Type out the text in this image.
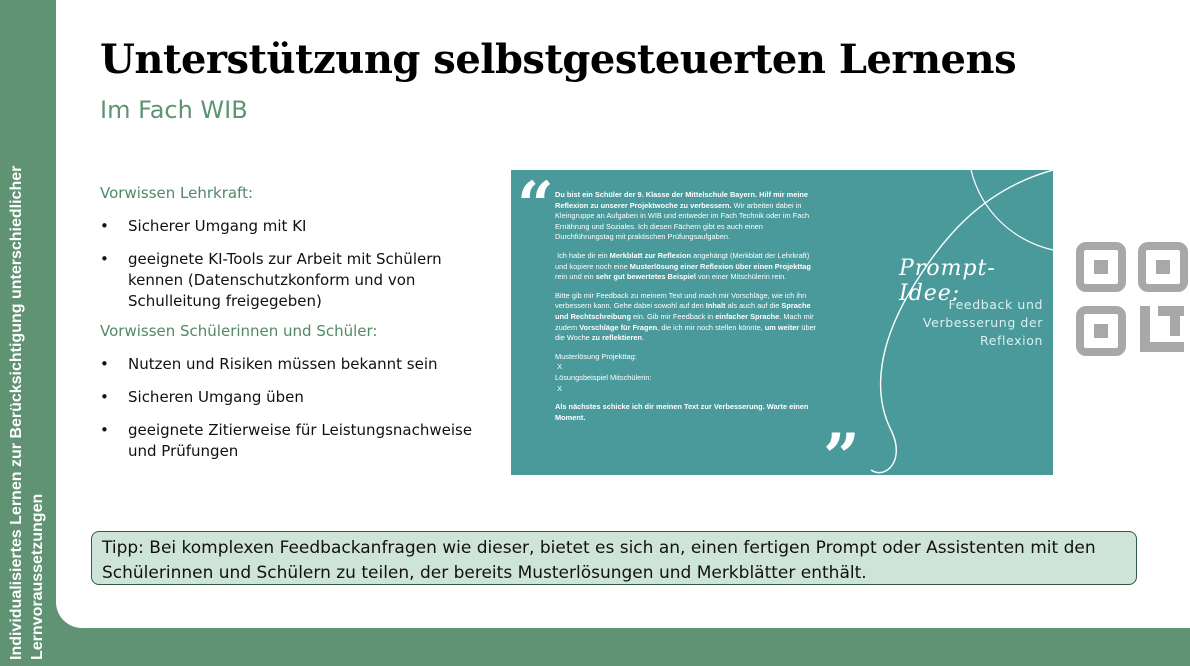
Individualisiertes Lernen zur Berücksichtigung unterschiedlicher Lernvoraussetzungen
Unterstützung selbstgesteuerten Lernens
Im Fach WIB
Vorwissen Lehrkraft:
• Sicherer Umgang mit KI
• geeignete KI-Tools zur Arbeit mit Schülern kennen (Datenschutzkonform und von Schulleitung freigegeben)
Vorwissen Schülerinnen und Schüler:
• Nutzen und Risiken müssen bekannt sein
• Sicheren Umgang üben
• geeignete Zitierweise für Leistungsnachweise und Prüfungen
“ Du bist ein Schüler der 9. Klasse der Mittelschule Bayern. Hilf mir meine Reflexion zu unserer Projektwoche zu verbessern. Wir arbeiten dabei in Kleingruppe an Aufgaben in WIB und entweder im Fach Technik oder im Fach Ernährung und Soziales. Ich diesen Fächern gibt es auch einen Durchführungstag mit praktischen Prüfungsaufgaben.

Ich habe dir ein Merkblatt zur Reflexion angehängt (Merkblatt der Lehrkraft) und kopiere noch eine Musterlösung einer Reflexion über einen Projekttag rein und ein sehr gut bewertetes Beispiel von einer Mitschülerin rein.

Bitte gib mir Feedback zu meinem Text und mach mir Vorschläge, wie ich ihn verbessern kann. Gehe dabei sowohl auf den Inhalt als auch auf die Sprache und Rechtschreibung ein. Gib mir Feedback in einfacher Sprache. Mach mir zudem Vorschläge für Fragen, die ich mir noch stellen könnte, um weiter über die Woche zu reflektieren.

Musterlösung Projekttag:
X
Lösungsbeispiel Mitschülerin:
X

Als nächstes schicke ich dir meinen Text zur Verbesserung. Warte einen Moment.

”
Prompt-Idee:
Feedback und
Verbesserung der
Reflexion
Tipp: Bei komplexen Feedbackanfragen wie dieser, bietet es sich an, einen fertigen Prompt oder Assistenten mit den Schülerinnen und Schülern zu teilen, der bereits Musterlösungen und Merkblätter enthält.
